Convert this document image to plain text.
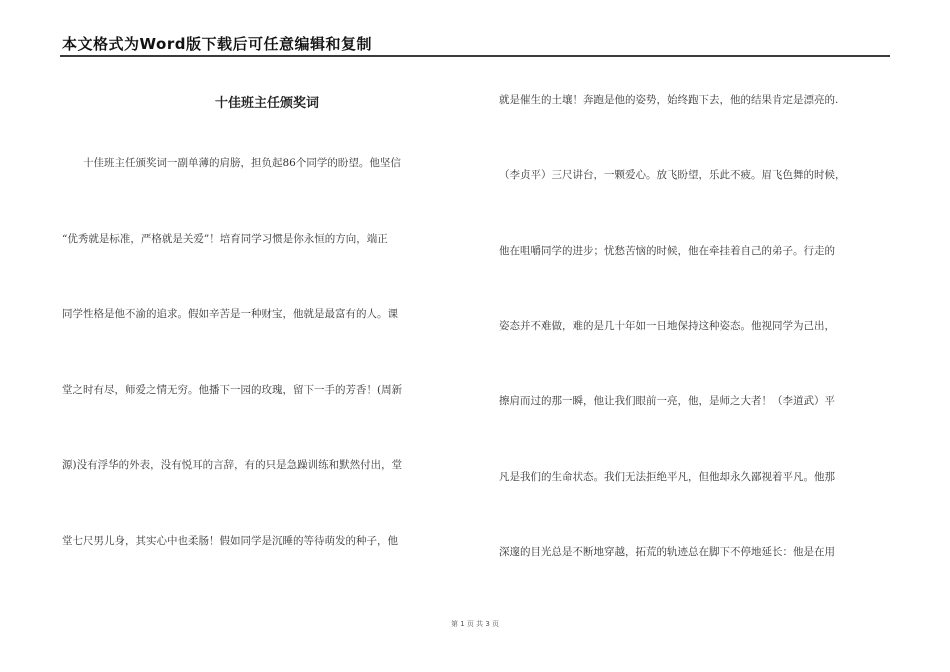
本文格式为Word版下载后可任意编辑和复制
十佳班主任颁奖词
　　十佳班主任颁奖词一副单薄的肩膀，担负起86个同学的盼望。他坚信
“优秀就是标准，严格就是关爱”！培育同学习惯是你永恒的方向，端正
同学性格是他不渝的追求。假如辛苦是一种财宝，他就是最富有的人。课
堂之时有尽，师爱之情无穷。他播下一园的玫瑰，留下一手的芳香！(周新
源)没有浮华的外表，没有悦耳的言辞，有的只是急躁训练和默然付出，堂
堂七尺男儿身，其实心中也柔肠！假如同学是沉睡的等待萌发的种子，他
就是催生的土壤！奔跑是他的姿势，始终跑下去，他的结果肯定是漂亮的.
（李贞平）三尺讲台，一颗爱心。放飞盼望，乐此不疲。眉飞色舞的时候，
他在咀嚼同学的进步；忧愁苦恼的时候，他在牵挂着自己的弟子。行走的
姿态并不难做，难的是几十年如一日地保持这种姿态。他视同学为己出，
擦肩而过的那一瞬，他让我们眼前一亮，他，是师之大者！（李道武）平
凡是我们的生命状态。我们无法拒绝平凡，但他却永久鄙视着平凡。他那
深邃的目光总是不断地穿越，拓荒的轨迹总在脚下不停地延长：他是在用
第 1 页 共 3 页
